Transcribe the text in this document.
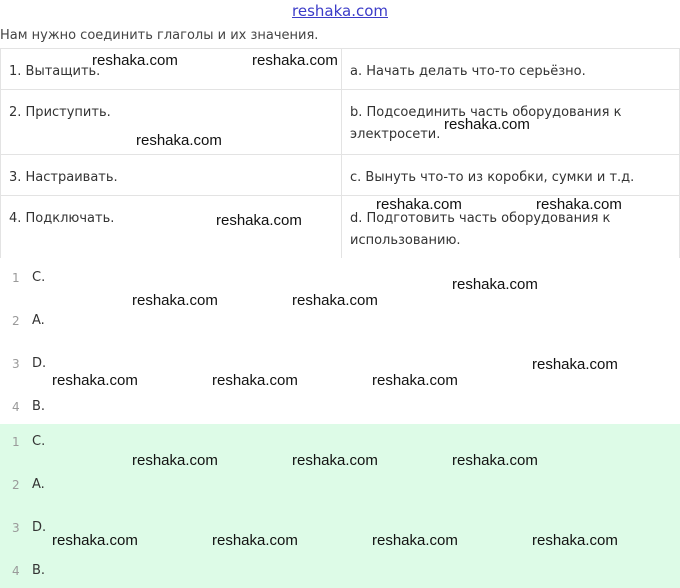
reshaka.com
Нам нужно соединить глаголы и их значения.
1. Вытащить.	a. Начать делать что-то серьёзно.
2. Приступить.	b. Подсоединить часть оборудования к электросети.
3. Настраивать.	c. Вынуть что-то из коробки, сумки и т.д.
4. Подключать.	d. Подготовить часть оборудования к использованию.
1 C.
2 A.
3 D.
4 B.
1 C.
2 A.
3 D.
4 B.
reshaka.com	reshaka.com
reshaka.com
reshaka.com
reshaka.com	reshaka.com
reshaka.com
reshaka.com
reshaka.com	reshaka.com
reshaka.com
reshaka.com	reshaka.com	reshaka.com
reshaka.com	reshaka.com	reshaka.com
reshaka.com	reshaka.com	reshaka.com	reshaka.com
